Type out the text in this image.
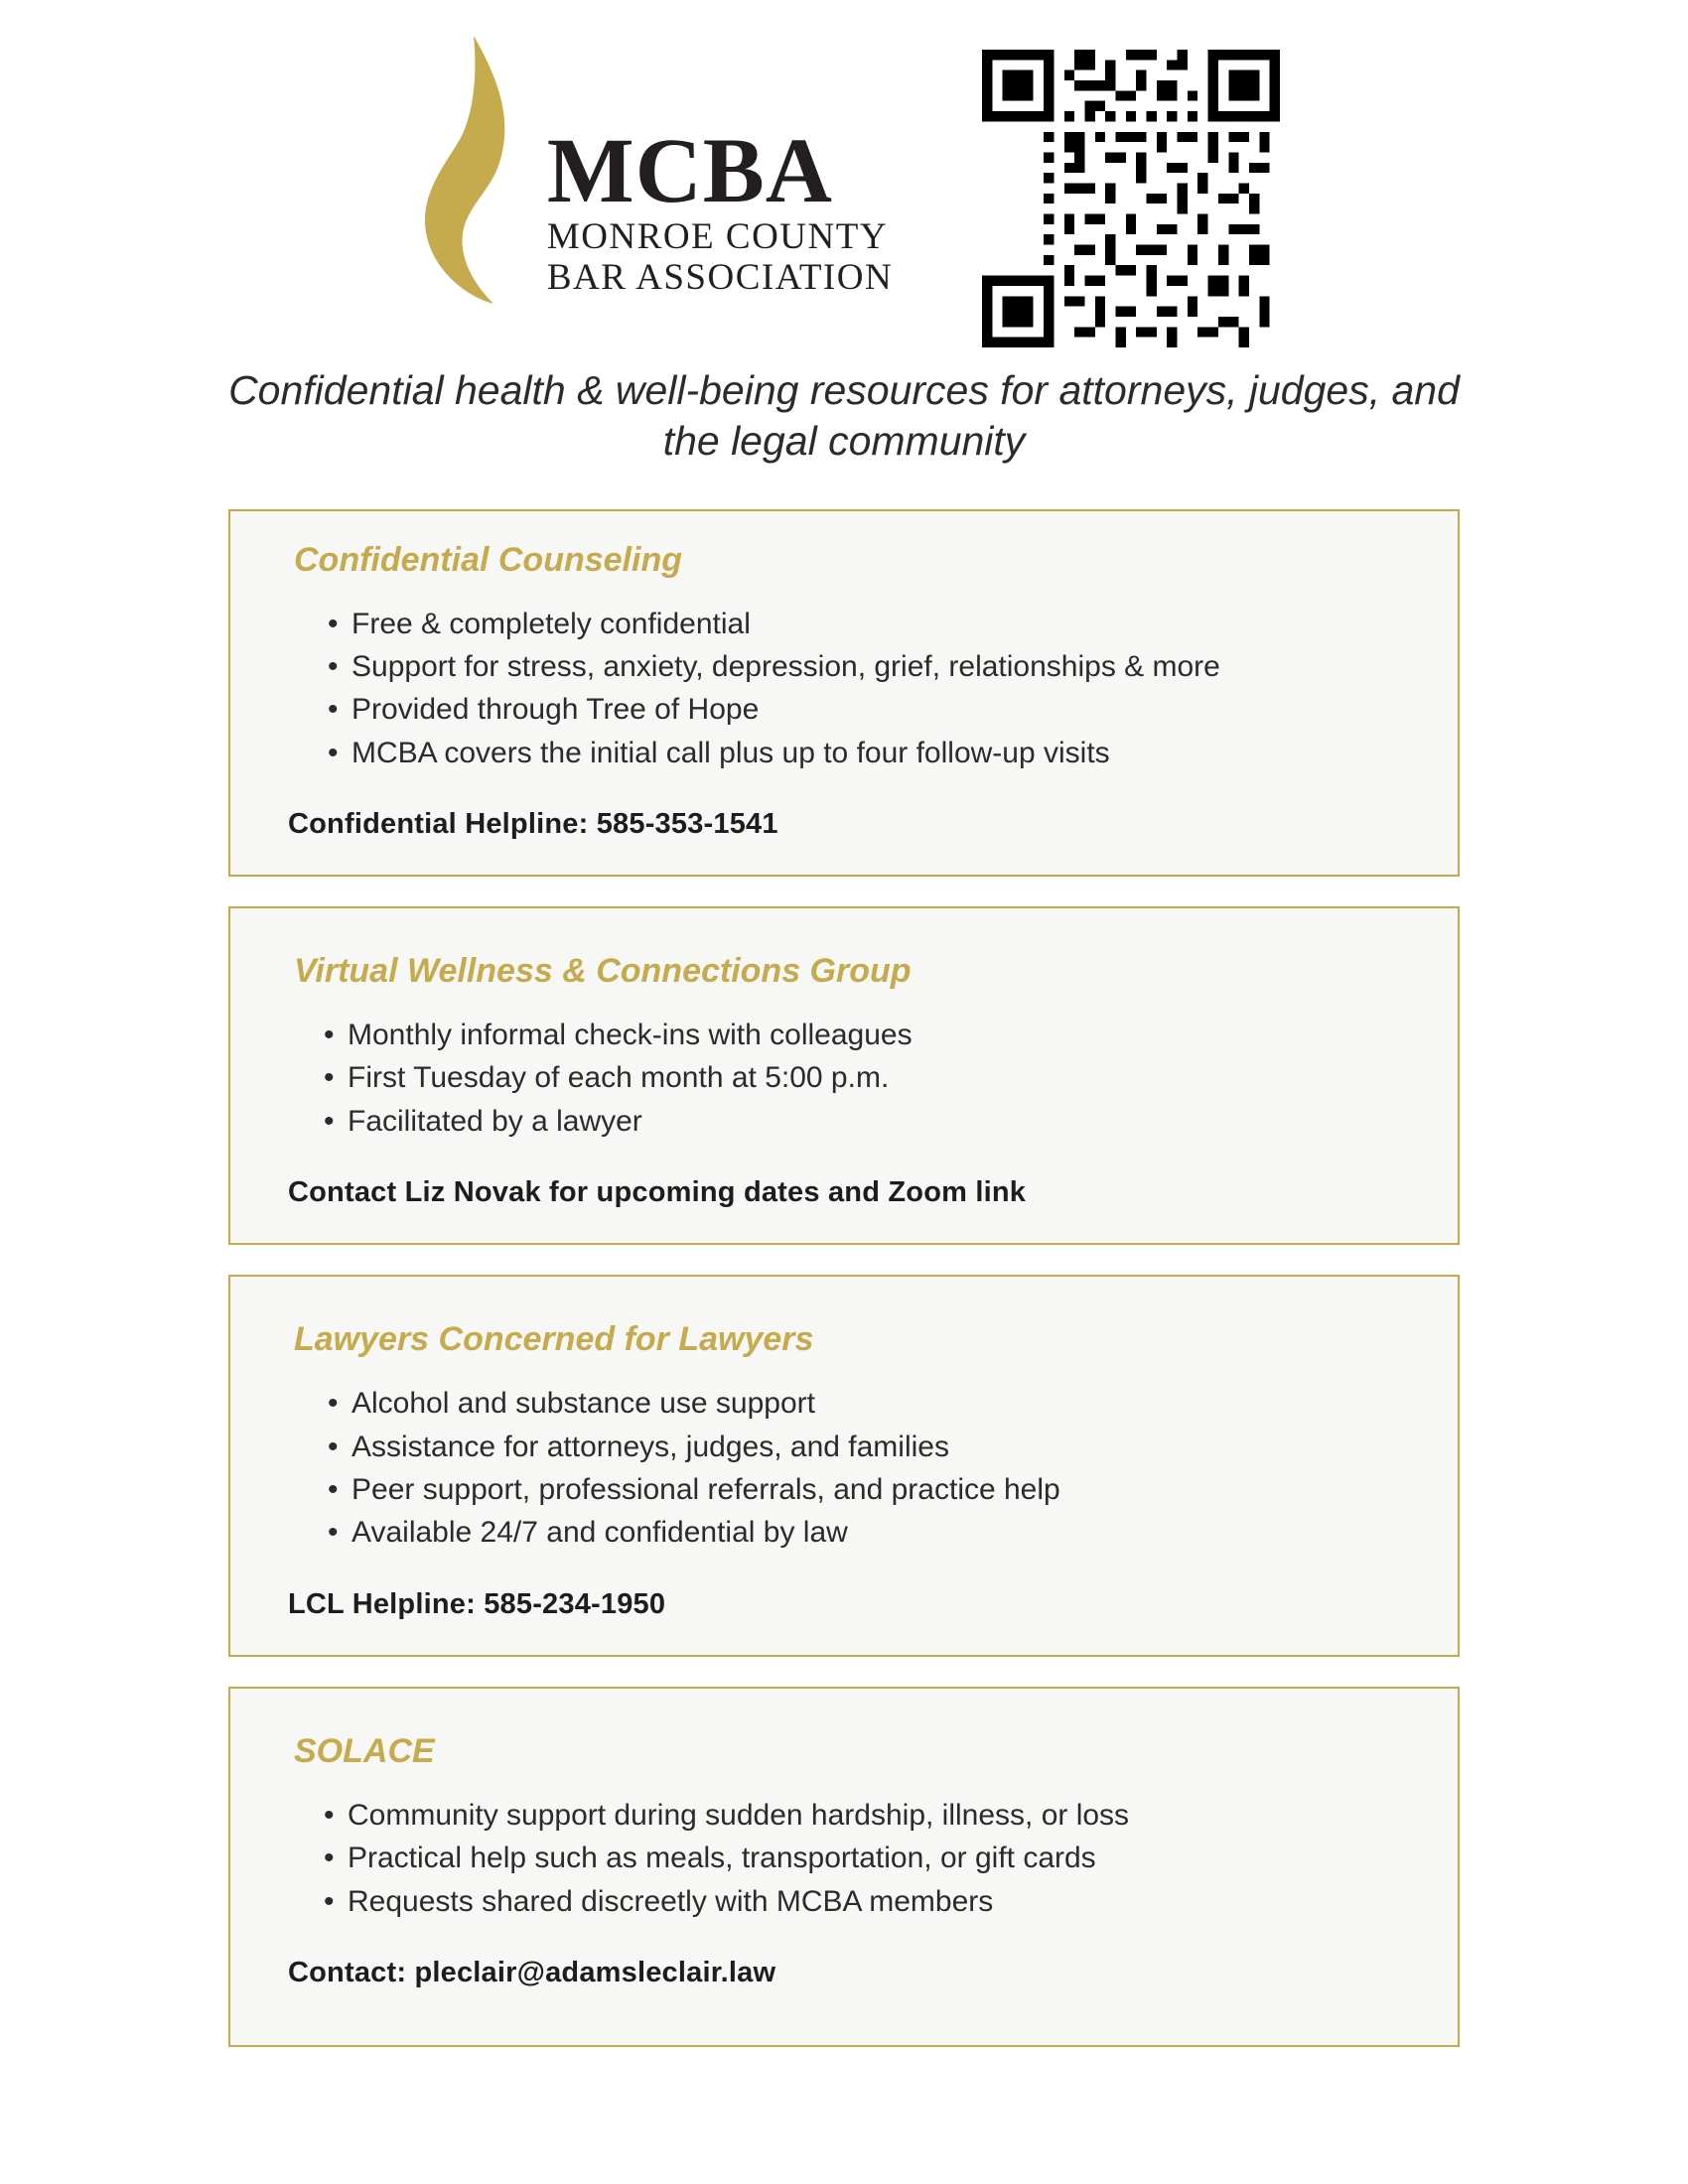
MCBA
MONROE COUNTY
BAR ASSOCIATION
Confidential health & well-being resources for attorneys, judges, and the legal community
Confidential Counseling
• Free & completely confidential
• Support for stress, anxiety, depression, grief, relationships & more
• Provided through Tree of Hope
• MCBA covers the initial call plus up to four follow-up visits
Confidential Helpline: 585-353-1541
Virtual Wellness & Connections Group
• Monthly informal check-ins with colleagues
• First Tuesday of each month at 5:00 p.m.
• Facilitated by a lawyer
Contact Liz Novak for upcoming dates and Zoom link
Lawyers Concerned for Lawyers
• Alcohol and substance use support
• Assistance for attorneys, judges, and families
• Peer support, professional referrals, and practice help
• Available 24/7 and confidential by law
LCL Helpline: 585-234-1950
SOLACE
• Community support during sudden hardship, illness, or loss
• Practical help such as meals, transportation, or gift cards
• Requests shared discreetly with MCBA members
Contact: pleclair@adamsleclair.law
